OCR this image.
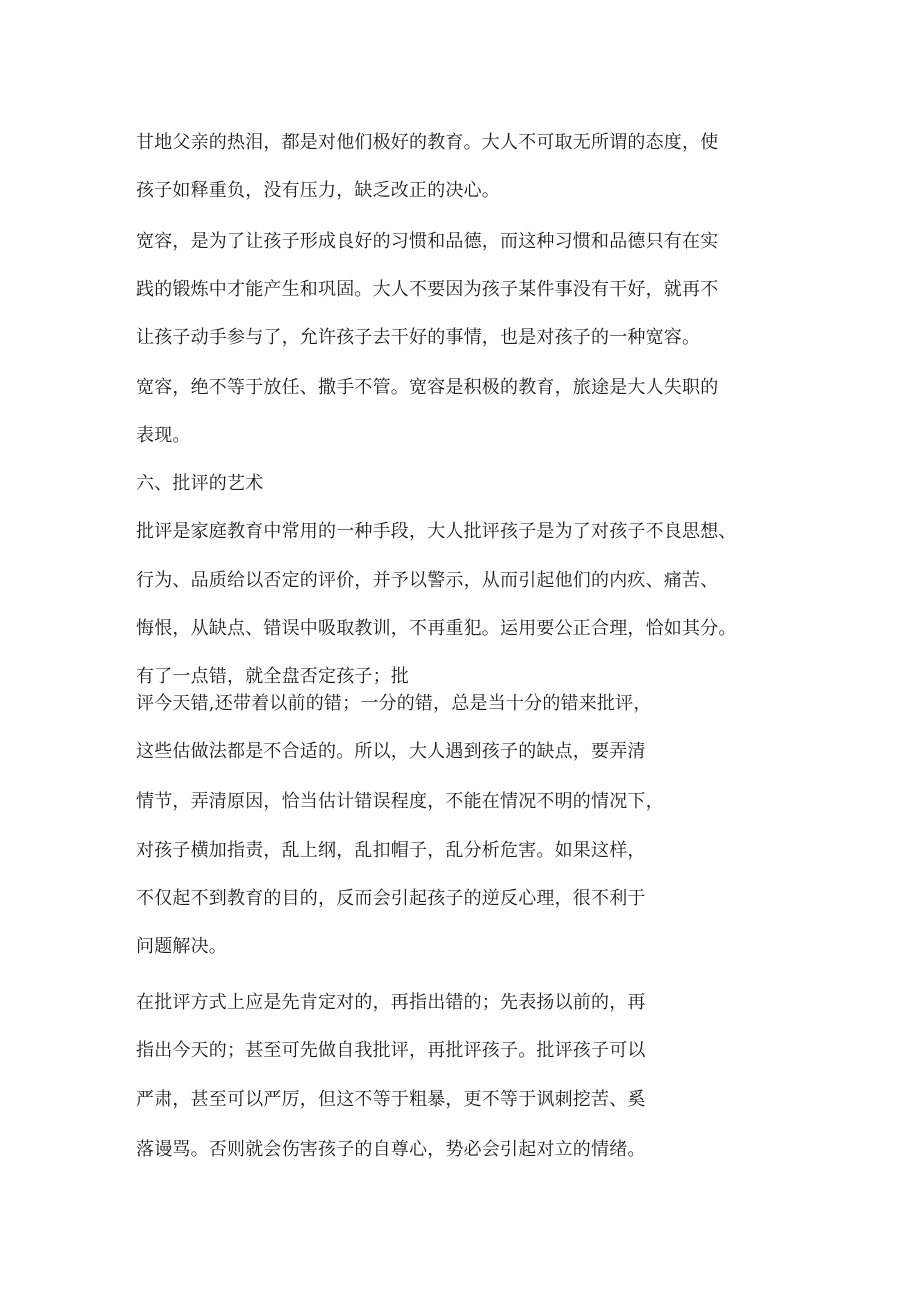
甘地父亲的热泪，都是对他们极好的教育。大人不可取无所谓的态度，使
孩子如释重负，没有压力，缺乏改正的决心。
宽容，是为了让孩子形成良好的习惯和品德，而这种习惯和品德只有在实
践的锻炼中才能产生和巩固。大人不要因为孩子某件事没有干好，就再不
让孩子动手参与了，允许孩子去干好的事情，也是对孩子的一种宽容。
宽容，绝不等于放任、撒手不管。宽容是积极的教育，旅途是大人失职的
表现。
六、批评的艺术
批评是家庭教育中常用的一种手段，大人批评孩子是为了对孩子不良思想、
行为、品质给以否定的评价，并予以警示，从而引起他们的内疚、痛苦、
悔恨，从缺点、错误中吸取教训，不再重犯。运用要公正合理，恰如其分。
有了一点错，就全盘否定孩子；批
评今天错,还带着以前的错；一分的错，总是当十分的错来批评，
这些估做法都是不合适的。所以，大人遇到孩子的缺点，要弄清
情节，弄清原因，恰当估计错误程度，不能在情况不明的情况下，
对孩子横加指责，乱上纲，乱扣帽子，乱分析危害。如果这样，
不仅起不到教育的目的，反而会引起孩子的逆反心理，很不利于
问题解决。
在批评方式上应是先肯定对的，再指出错的；先表扬以前的，再
指出今天的；甚至可先做自我批评，再批评孩子。批评孩子可以
严肃，甚至可以严厉，但这不等于粗暴，更不等于讽刺挖苦、奚
落谩骂。否则就会伤害孩子的自尊心，势必会引起对立的情绪。
